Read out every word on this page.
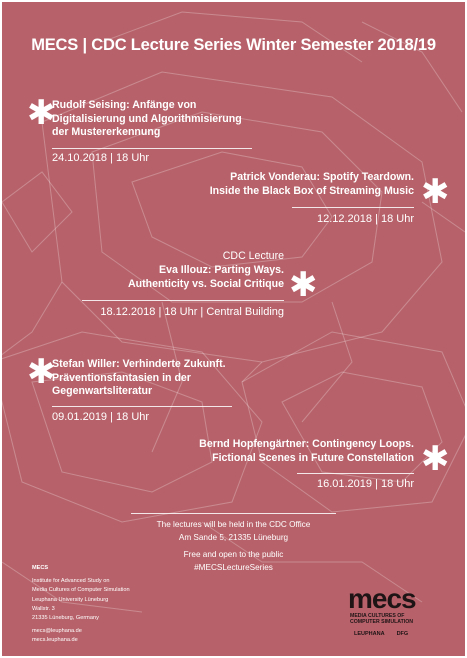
MECS | CDC Lecture Series Winter Semester 2018/19
✱
Rudolf Seising: Anfänge von
Digitalisierung und Algorithmisierung
der Mustererkennung
24.10.2018 | 18 Uhr
Patrick Vonderau: Spotify Teardown.
Inside the Black Box of Streaming Music ✱
12.12.2018 | 18 Uhr
CDC Lecture
Eva Illouz: Parting Ways.
Authenticity vs. Social Critique ✱
18.12.2018 | 18 Uhr | Central Building
✱
Stefan Willer: Verhinderte Zukunft.
Präventionsfantasien in der
Gegenwartsliteratur
09.01.2019 | 18 Uhr
Bernd Hopfengärtner: Contingency Loops.
Fictional Scenes in Future Constellation ✱
16.01.2019 | 18 Uhr
The lectures will be held in the CDC Office
Am Sande 5, 21335 Lüneburg
Free and open to the public
#MECSLectureSeries
MECS
Institute for Advanced Study on
Media Cultures of Computer Simulation
Leuphana University Lüneburg
Wallstr. 3
21335 Lüneburg, Germany
mecs@leuphana.de
mecs.leuphana.de
mecs
MEDIA CULTURES OF
COMPUTER SIMULATION
LEUPHANA DFG
